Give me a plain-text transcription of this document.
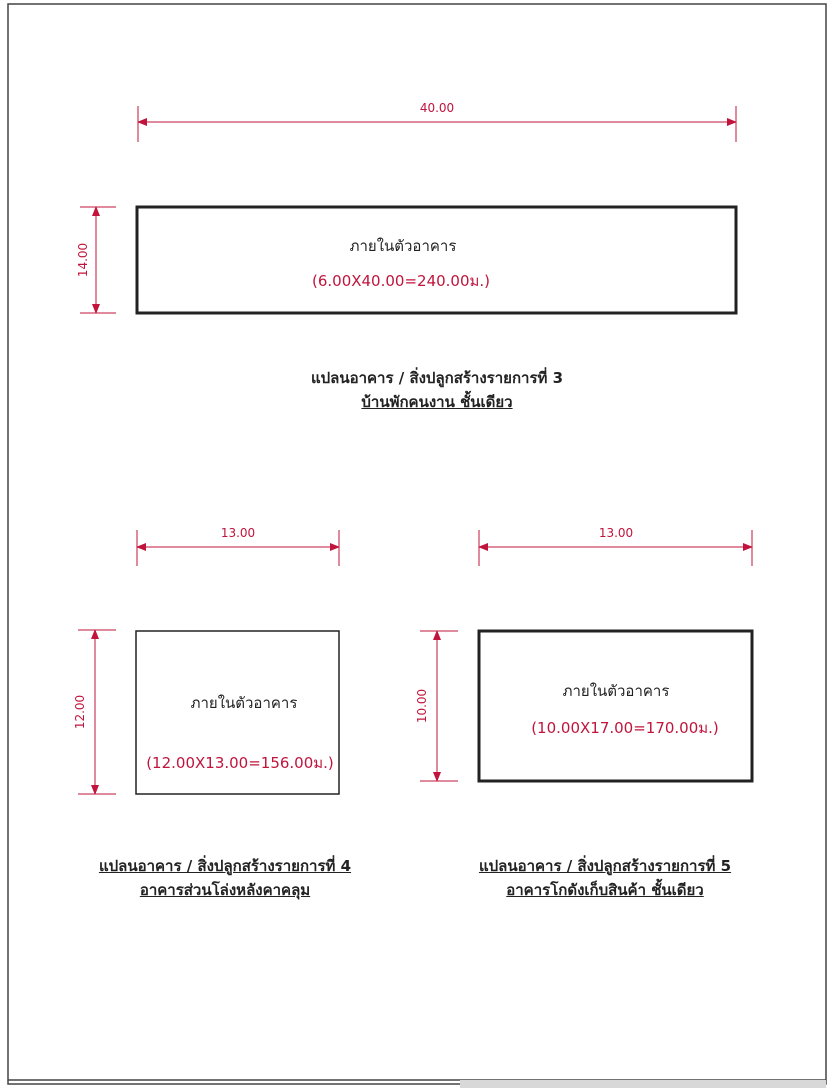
40.00
14.00	ภายในตัวอาคาร
(6.00X40.00=240.00ม.)
13.00
12.00	ภายในตัวอาคาร
(12.00X13.00=156.00ม.)
13.00
10.00	ภายในตัวอาคาร
(10.00X17.00=170.00ม.)
แปลนอาคาร / สิ่งปลูกสร้างรายการที่ 3
บ้านพักคนงาน ชั้นเดียว
แปลนอาคาร / สิ่งปลูกสร้างรายการที่ 4
อาคารส่วนโล่งหลังคาคลุม
แปลนอาคาร / สิ่งปลูกสร้างรายการที่ 5
อาคารโกดังเก็บสินค้า ชั้นเดียว
